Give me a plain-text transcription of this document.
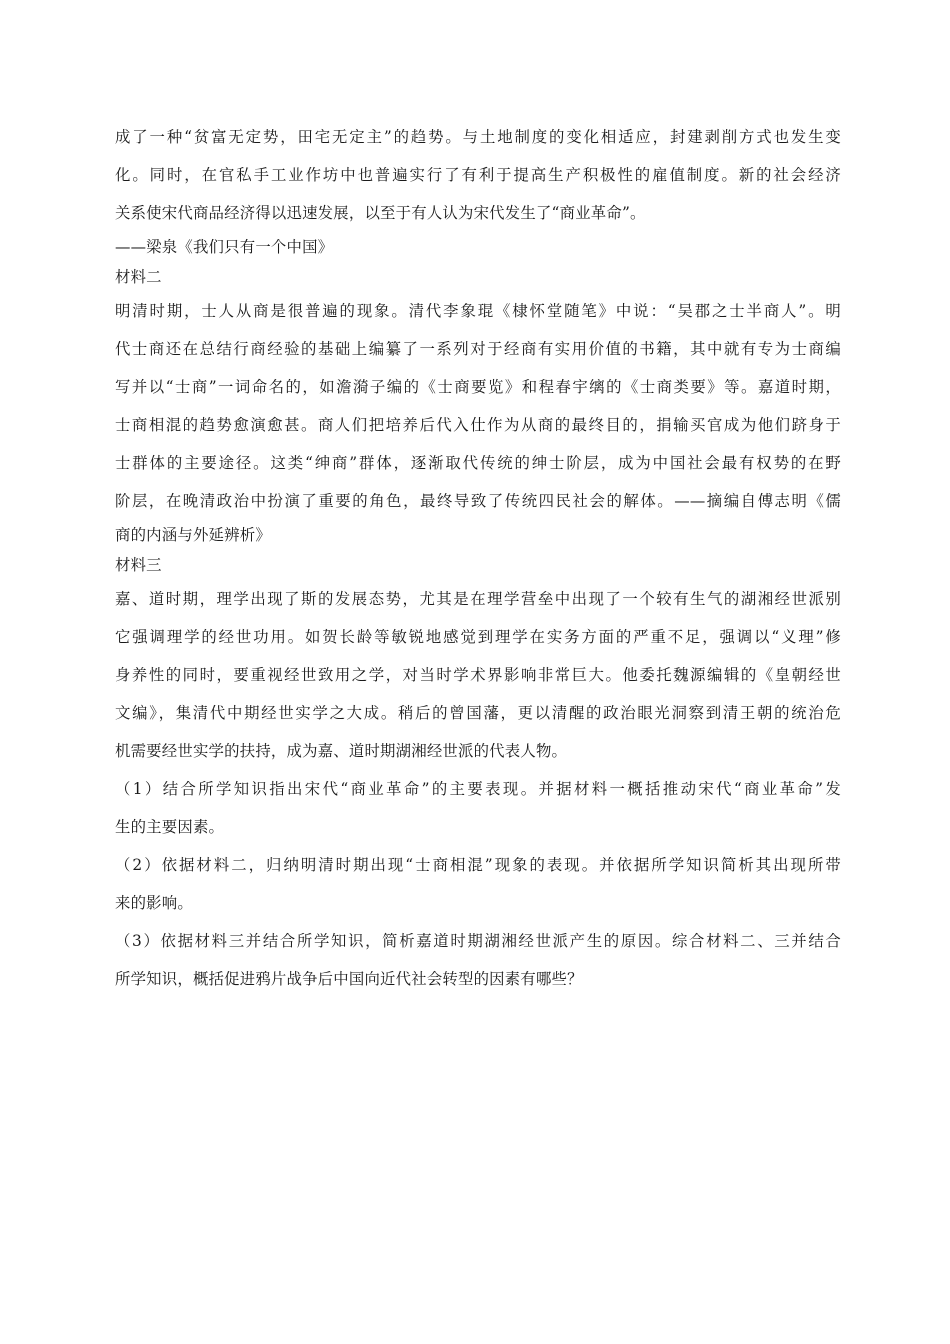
成了一种“贫富无定势，田宅无定主”的趋势。与土地制度的变化相适应，封建剥削方式也发生变
化。同时，在官私手工业作坊中也普遍实行了有利于提高生产积极性的雇值制度。新的社会经济
关系使宋代商品经济得以迅速发展，以至于有人认为宋代发生了“商业革命”。
——梁泉《我们只有一个中国》
材料二
明清时期，士人从商是很普遍的现象。清代李象琨《棣怀堂随笔》中说：“吴郡之士半商人”。明
代士商还在总结行商经验的基础上编纂了一系列对于经商有实用价值的书籍，其中就有专为士商编
写并以“士商”一词命名的，如澹漪子编的《士商要览》和程春宇缡的《士商类要》等。嘉道时期，
士商相混的趋势愈演愈甚。商人们把培养后代入仕作为从商的最终目的，捐输买官成为他们跻身于
士群体的主要途径。这类“绅商”群体，逐渐取代传统的绅士阶层，成为中国社会最有权势的在野
阶层，在晚清政治中扮演了重要的角色，最终导致了传统四民社会的解体。——摘编自傅志明《儒
商的内涵与外延辨析》
材料三
嘉、道时期，理学出现了斯的发展态势，尤其是在理学营垒中出现了一个较有生气的湖湘经世派别
它强调理学的经世功用。如贺长龄等敏锐地感觉到理学在实务方面的严重不足，强调以“义理”修
身养性的同时，要重视经世致用之学，对当时学术界影响非常巨大。他委托魏源编辑的《皇朝经世
文编》，集清代中期经世实学之大成。稍后的曾国藩，更以清醒的政治眼光洞察到清王朝的统治危
机需要经世实学的扶持，成为嘉、道时期湖湘经世派的代表人物。
（1）结合所学知识指出宋代“商业革命”的主要表现。并据材料一概括推动宋代“商业革命”发
生的主要因素。
（2）依据材料二，归纳明清时期出现“士商相混”现象的表现。并依据所学知识简析其出现所带
来的影响。
（3）依据材料三并结合所学知识，简析嘉道时期湖湘经世派产生的原因。综合材料二、三并结合
所学知识，概括促进鸦片战争后中国向近代社会转型的因素有哪些？
